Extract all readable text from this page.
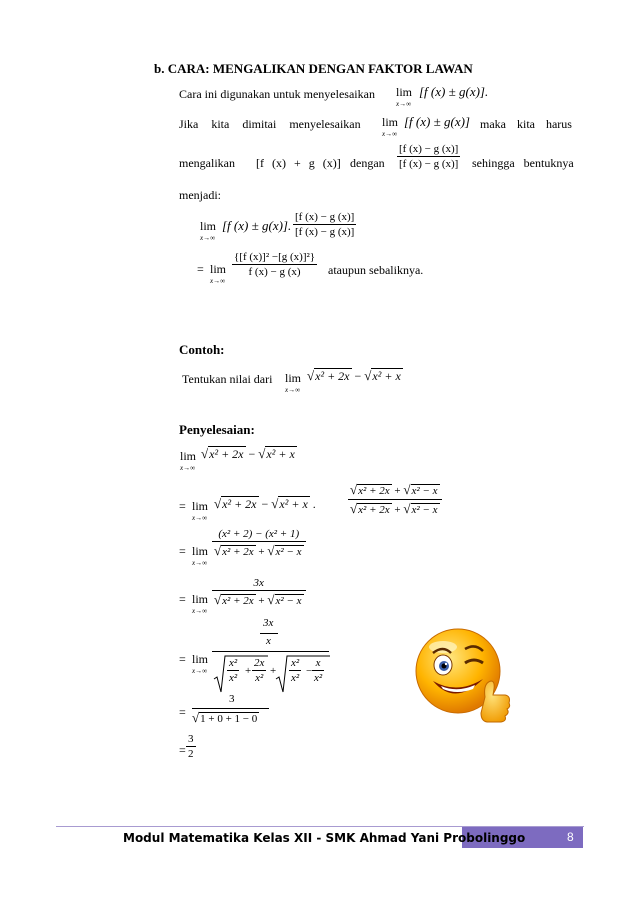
b. CARA: MENGALIKAN DENGAN FAKTOR LAWAN
Cara ini digunakan untuk menyelesaikan lim
x→∞
[f (x) ± g(x)].
Jika kita dimitai menyelesaikan lim
x→∞
[f (x) ± g(x)] maka kita harus
mengalikan [f (x) + g (x)] dengan
[f (x) − g (x)]
[f (x) − g (x)] sehingga bentuknya
menjadi:
lim
x→∞
[f (x) ± g(x)].
[f (x) − g (x)]
[f (x) − g (x)]
= lim
x→∞
{[f (x)]² −[g (x)]²}
f (x) − g (x) ataupun sebaliknya.
Contoh:
Tentukan nilai dari lim
x→∞
√x² + 2x − √x² + x
Penyelesaian:
lim
x→∞
√x² + 2x − √x² + x
= lim
x→∞
√x² + 2x − √x² + x .
√x² + 2x + √x² − x
√x² + 2x + √x² − x
= lim
x→∞
(x² + 2) − (x² + 1)
√x² + 2x + √x² − x
= lim
x→∞
3x
√x² + 2x + √x² − x
= lim
x→∞
3x
x
x²
x²
+
2x
x²
+
x²
x²
−
x
x²
=
3
√1 + 0 + 1 − 0
=
3
2
Modul Matematika Kelas XII - SMK Ahmad Yani Probolinggo	8
